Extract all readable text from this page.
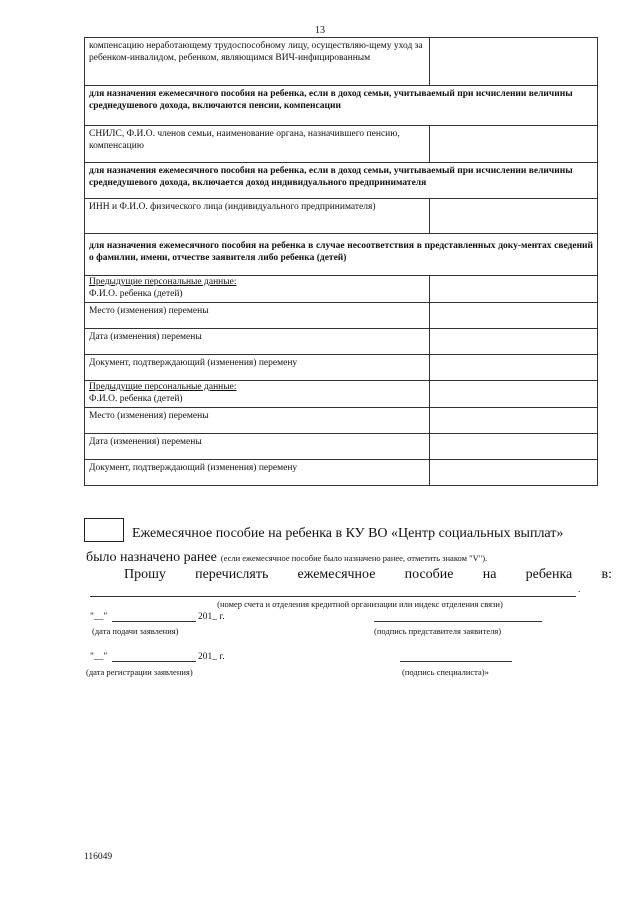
13
компенсацию неработающему трудоспособному лицу, осуществляю-щему уход за ребенком-инвалидом, ребенком, являющимся ВИЧ-инфицированным	
для назначения ежемесячного пособия на ребенка, если в доход семьи, учитываемый при исчислении величины среднедушевого дохода, включаются пенсии, компенсации	
СНИЛС, Ф.И.О. членов семьи, наименование органа, назначившего пенсию, компенсацию	
для назначения ежемесячного пособия на ребенка, если в доход семьи, учитываемый при исчислении величины среднедушевого дохода, включается доход индивидуального предпринимателя	
ИНН и Ф.И.О. физического лица (индивидуального предпринимателя)	
для назначения ежемесячного пособия на ребенка в случае несоответствия в представленных доку-ментах сведений о фамилии, имени, отчестве заявителя либо ребенка (детей)	

Предыдущие персональные данные:
Ф.И.О. ребенка (детей)	

Место (изменения) перемены	
Дата (изменения) перемены	
Документ, подтверждающий (изменения) перемену	

Предыдущие персональные данные:
Ф.И.О. ребенка (детей)	

Место (изменения) перемены	
Дата (изменения) перемены	
Документ, подтверждающий (изменения) перемену	
Ежемесячное пособие на ребенка в КУ ВО «Центр социальных выплат»
было назначено ранее (если ежемесячное пособие было назначено ранее, отметить знаком "V").
Прошу перечислять ежемесячное пособие на ребенка в:
.
(номер счета и отделения кредитной организации или индекс отделения связи)
"__"	201_ г.
(дата подачи заявления)	(подпись представителя заявителя)
"__"	201_ г.
(дата регистрации заявления)	(подпись специалиста)»
116049
